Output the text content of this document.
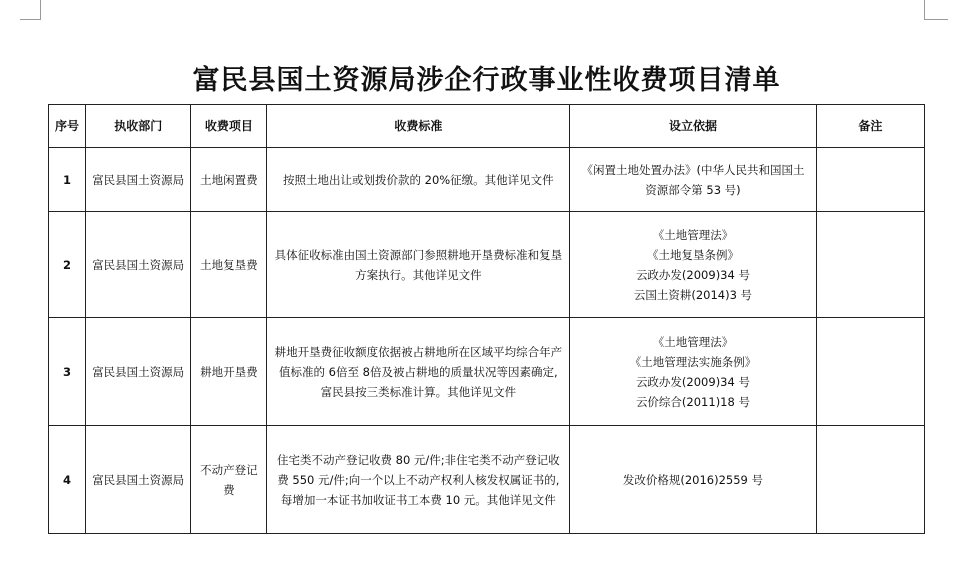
富民县国土资源局涉企行政事业性收费项目清单
序号	执收部门	收费项目	收费标准	设立依据	备注
1	富民县国土资源局	土地闲置费	按照土地出让或划拨价款的 20%征缴。其他详见文件	《闲置土地处置办法》(中华人民共和国国土资源部令第 53 号)	

2	富民县国土资源局	土地复垦费	具体征收标准由国土资源部门参照耕地开垦费标准和复垦方案执行。其他详见文件	《土地管理法》
《土地复垦条例》
云政办发(2009)34 号
云国土资耕(2014)3 号	

3	富民县国土资源局	耕地开垦费	耕地开垦费征收额度依据被占耕地所在区域平均综合年产值标准的 6倍至 8倍及被占耕地的质量状况等因素确定,富民县按三类标准计算。其他详见文件	《土地管理法》
《土地管理法实施条例》
云政办发(2009)34 号
云价综合(2011)18 号	

4	富民县国土资源局	不动产登记费	住宅类不动产登记收费 80 元/件;非住宅类不动产登记收费 550 元/件;向一个以上不动产权利人核发权属证书的,每增加一本证书加收证书工本费 10 元。其他详见文件	发改价格规(2016)2559 号	
